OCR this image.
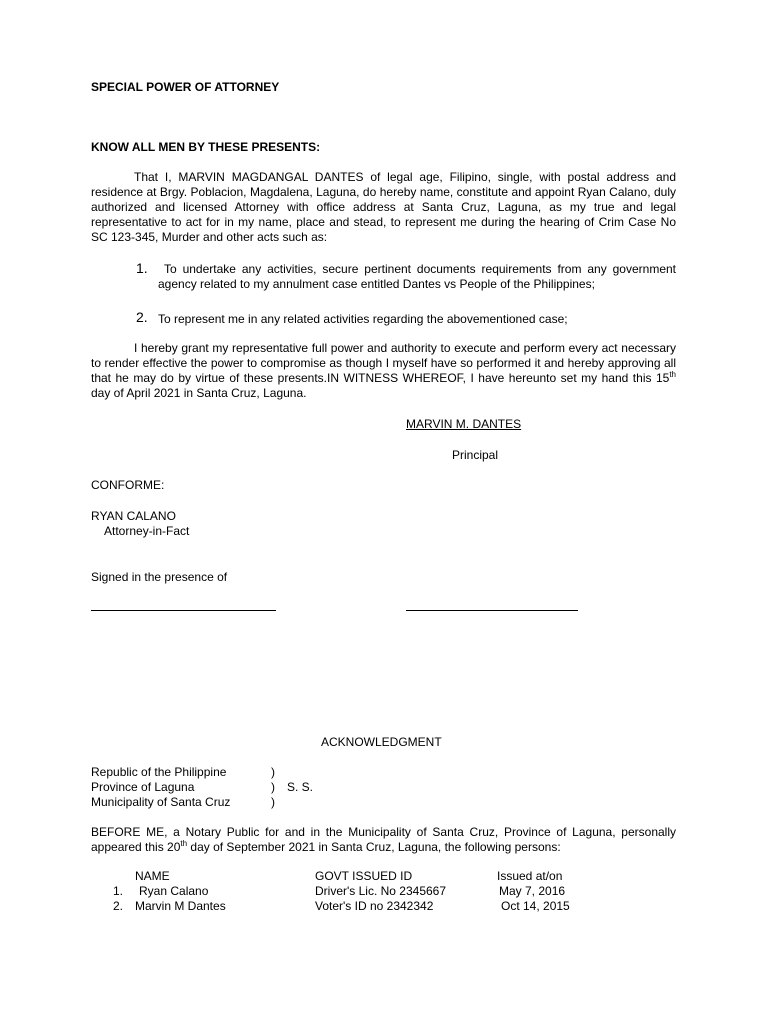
SPECIAL POWER OF ATTORNEY
KNOW ALL MEN BY THESE PRESENTS:
That I, MARVIN MAGDANGAL DANTES of legal age, Filipino, single, with postal address and residence at Brgy. Poblacion, Magdalena, Laguna, do hereby name, constitute and appoint Ryan Calano, duly authorized and licensed Attorney with office address at Santa Cruz, Laguna, as my true and legal representative to act for in my name, place and stead, to represent me during the hearing of Crim Case No SC 123-345, Murder and other acts such as:
1.	To undertake any activities, secure pertinent documents requirements from any government agency related to my annulment case entitled Dantes vs People of the Philippines;
2. To represent me in any related activities regarding the abovementioned case;
I hereby grant my representative full power and authority to execute and perform every act necessary to render effective the power to compromise as though I myself have so performed it and hereby approving all that he may do by virtue of these presents.IN WITNESS WHEREOF, I have hereunto set my hand this 15th day of April 2021 in Santa Cruz, Laguna.
MARVIN M. DANTES
Principal
CONFORME:
RYAN CALANO
Attorney-in-Fact
Signed in the presence of
ACKNOWLEDGMENT
Republic of the Philippine	)
Province of Laguna	) S. S.
Municipality of Santa Cruz	)
BEFORE ME, a Notary Public for and in the Municipality of Santa Cruz, Province of Laguna, personally appeared this 20th day of September 2021 in Santa Cruz, Laguna, the following persons:
NAME	GOVT ISSUED ID	Issued at/on
1. Ryan Calano	Driver's Lic. No 2345667	May 7, 2016
2. Marvin M Dantes	Voter's ID no 2342342	Oct 14, 2015
